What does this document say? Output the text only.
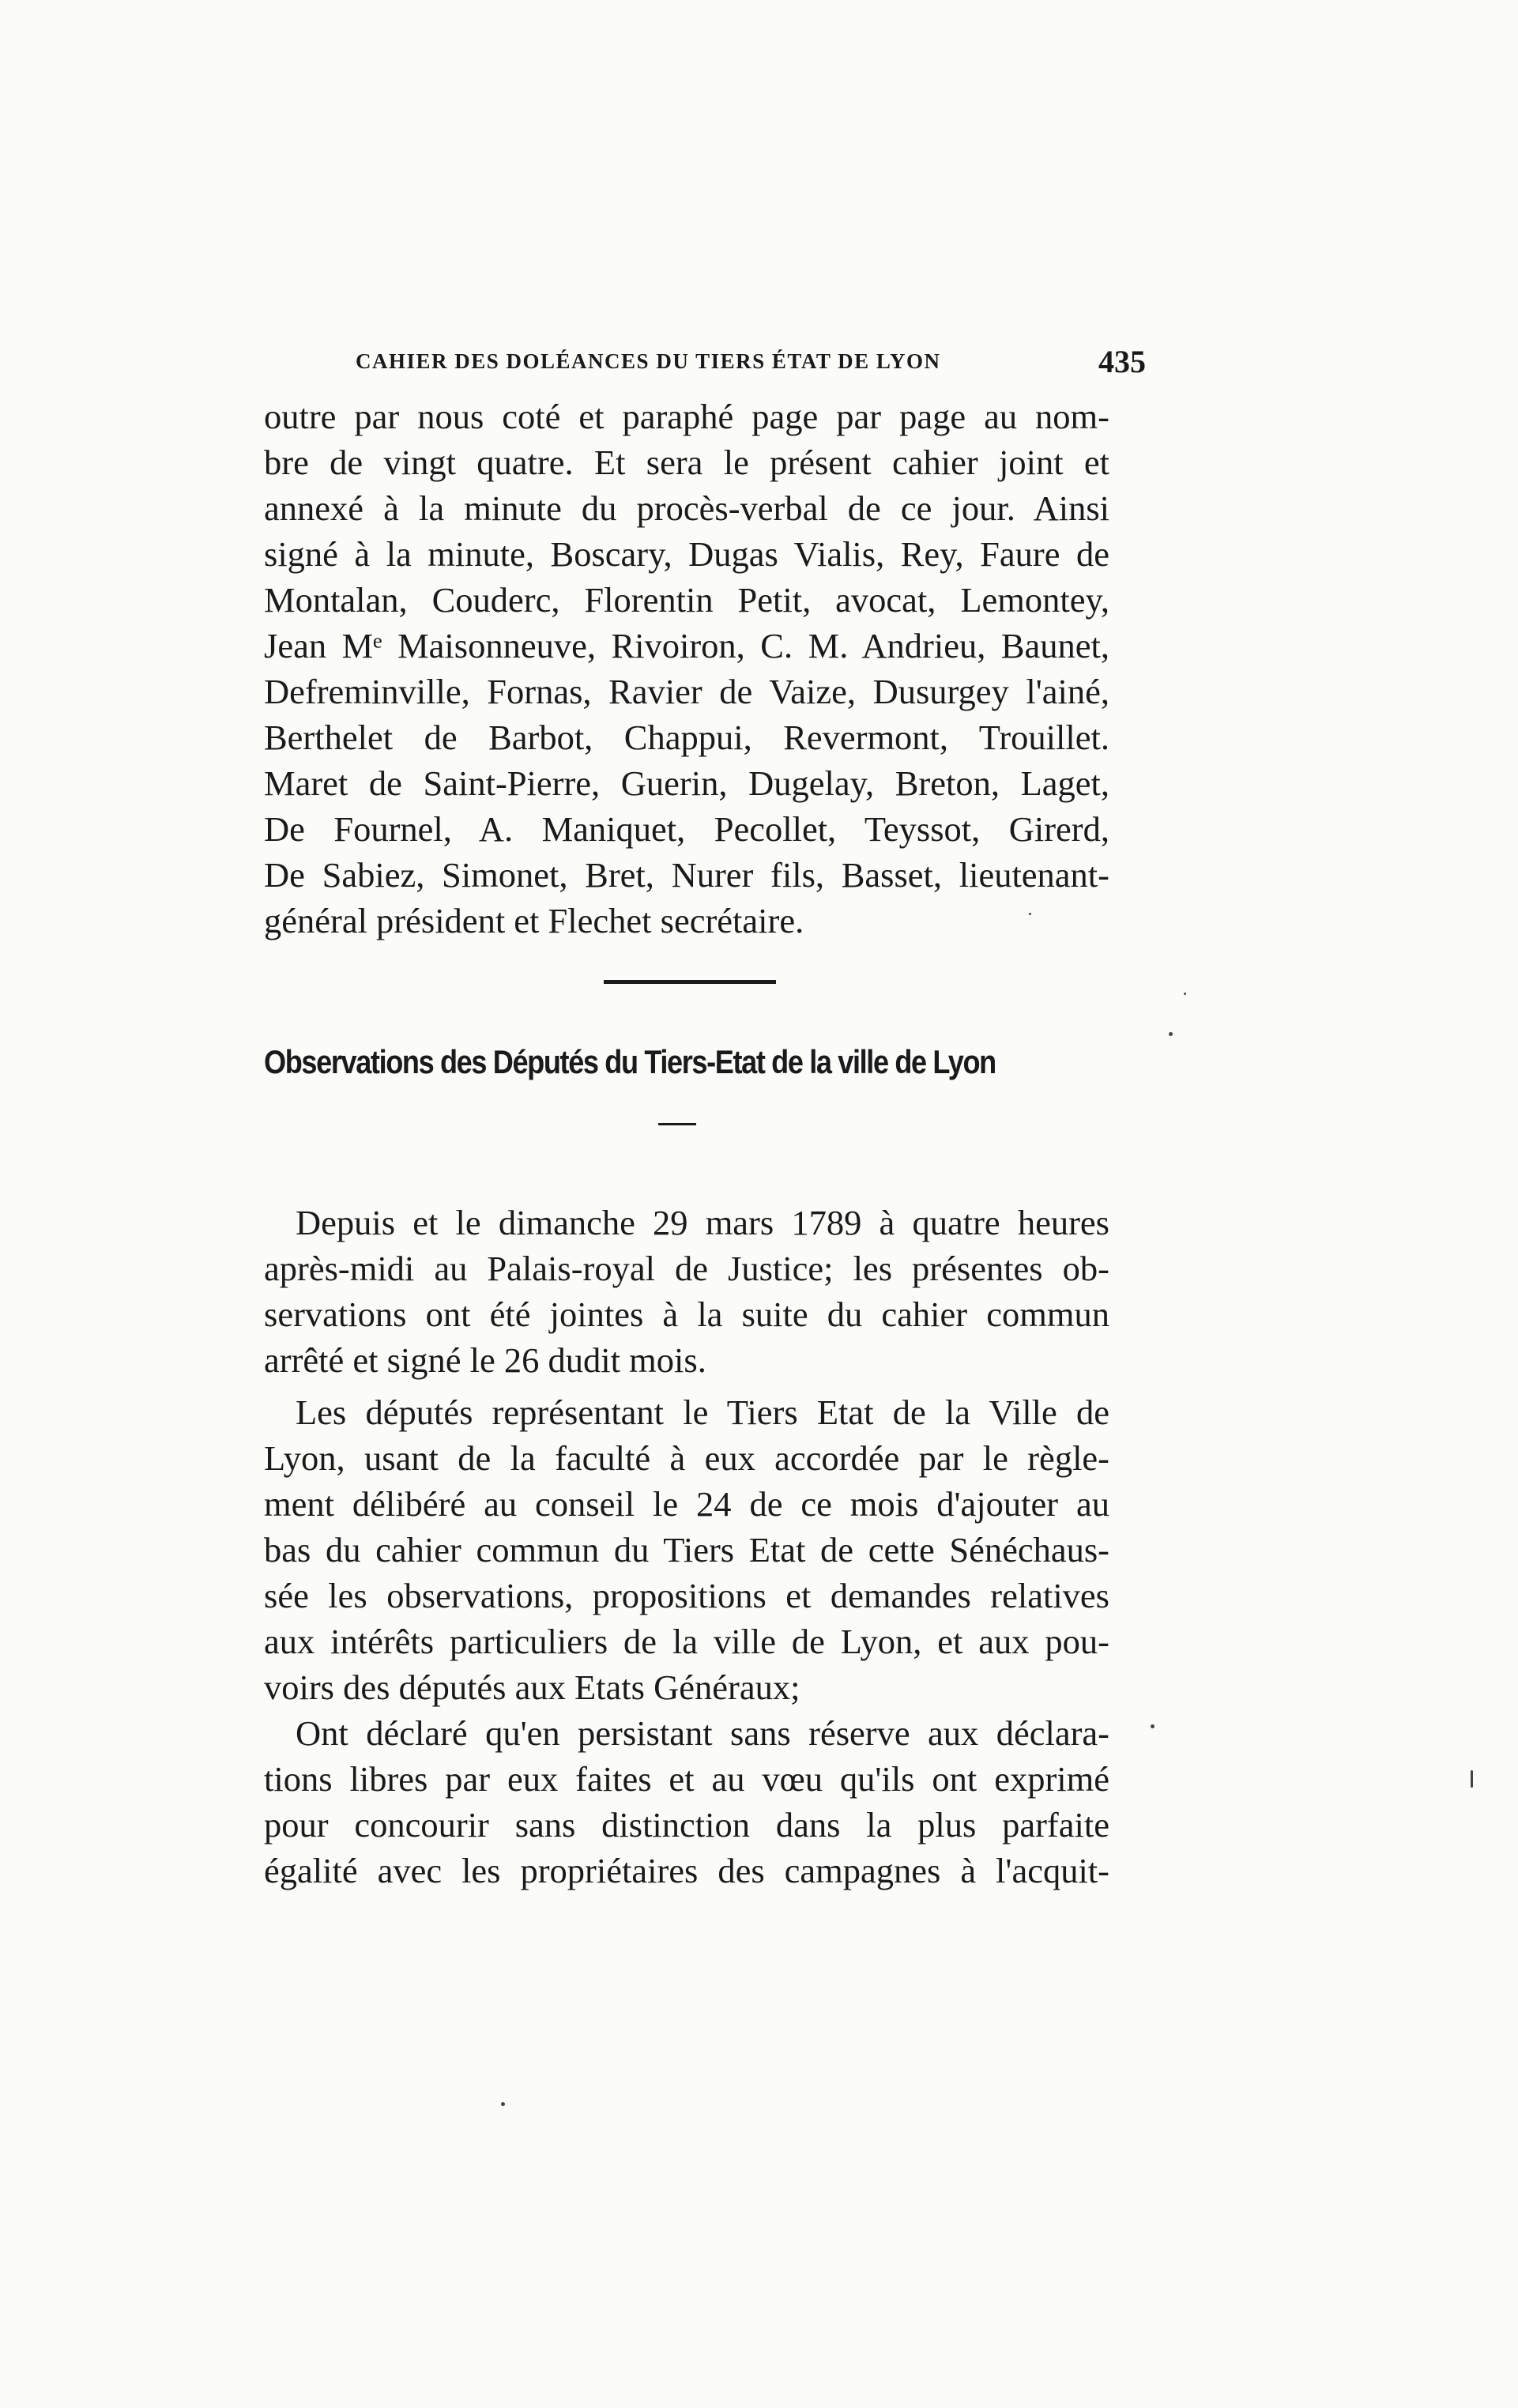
CAHIER DES DOLÉANCES DU TIERS ÉTAT DE LYON	435
outre par nous coté et paraphé page par page au nom-
bre de vingt quatre. Et sera le présent cahier joint et
annexé à la minute du procès-verbal de ce jour. Ainsi
signé à la minute, Boscary, Dugas Vialis, Rey, Faure de
Montalan, Couderc, Florentin Petit, avocat, Lemontey,
Jean Mᵉ Maisonneuve, Rivoiron, C. M. Andrieu, Baunet,
Defreminville, Fornas, Ravier de Vaize, Dusurgey l'ainé,
Berthelet de Barbot, Chappui, Revermont, Trouillet.
Maret de Saint-Pierre, Guerin, Dugelay, Breton, Laget,
De Fournel, A. Maniquet, Pecollet, Teyssot, Girerd,
De Sabiez, Simonet, Bret, Nurer fils, Basset, lieutenant-
général président et Flechet secrétaire.
Observations des Députés du Tiers-Etat de la ville de Lyon
Depuis et le dimanche 29 mars 1789 à quatre heures
après-midi au Palais-royal de Justice; les présentes ob-
servations ont été jointes à la suite du cahier commun
arrêté et signé le 26 dudit mois.
Les députés représentant le Tiers Etat de la Ville de
Lyon, usant de la faculté à eux accordée par le règle-
ment délibéré au conseil le 24 de ce mois d'ajouter au
bas du cahier commun du Tiers Etat de cette Sénéchaus-
sée les observations, propositions et demandes relatives
aux intérêts particuliers de la ville de Lyon, et aux pou-
voirs des députés aux Etats Généraux;
Ont déclaré qu'en persistant sans réserve aux déclara-
tions libres par eux faites et au vœu qu'ils ont exprimé
pour concourir sans distinction dans la plus parfaite
égalité avec les propriétaires des campagnes à l'acquit-
